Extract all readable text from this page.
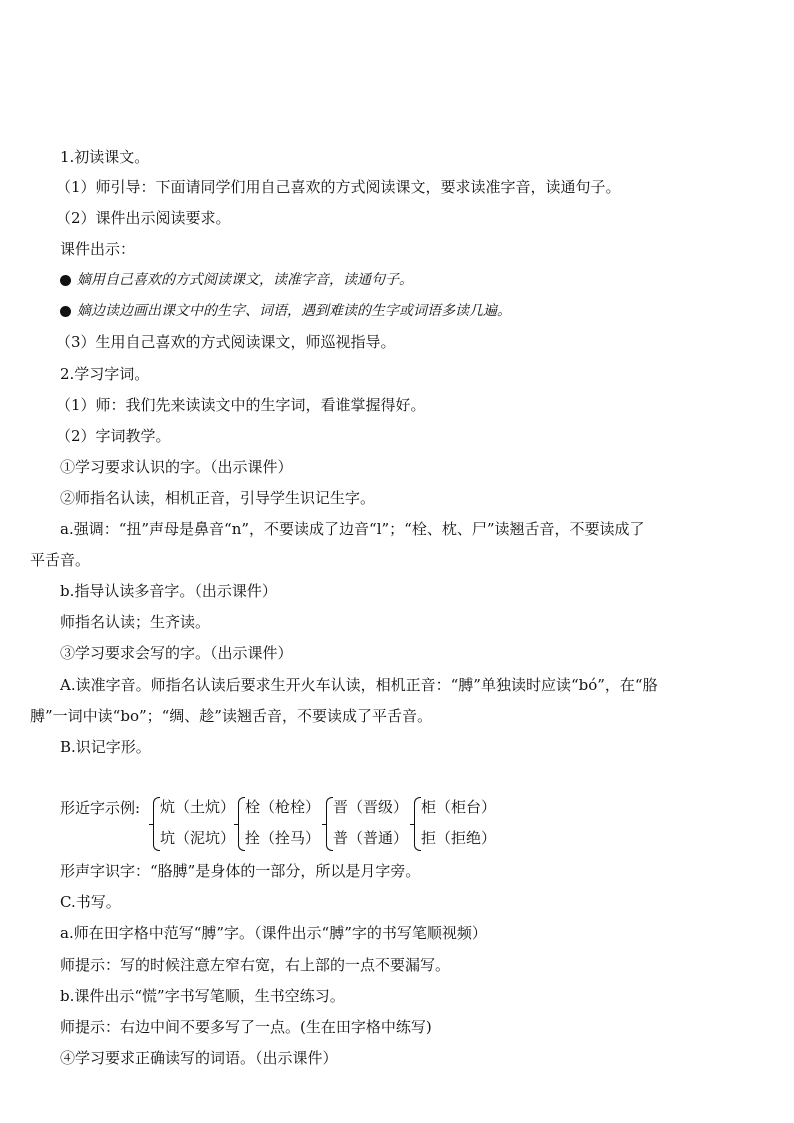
1.初读课文。
（1）师引导：下面请同学们用自己喜欢的方式阅读课文，要求读准字音，读通句子。
（2）课件出示阅读要求。
课件出示：
嫡用自己喜欢的方式阅读课文，读准字音，读通句子。
嫡边读边画出课文中的生字、词语，遇到难读的生字或词语多读几遍。
（3）生用自己喜欢的方式阅读课文，师巡视指导。
2.学习字词。
（1）师：我们先来读读文中的生字词，看谁掌握得好。
（2）字词教学。
①学习要求认识的字。（出示课件）
②师指名认读，相机正音，引导学生识记生字。
a.强调：“扭”声母是鼻音“n”，不要读成了边音“l”；“栓、枕、尸”读翘舌音，不要读成了
平舌音。
b.指导认读多音字。（出示课件）
师指名认读；生齐读。
③学习要求会写的字。（出示课件）
A.读准字音。师指名认读后要求生开火车认读，相机正音：“膊”单独读时应读“bó”，在“胳
膊”一词中读“bo”；“绸、趁”读翘舌音，不要读成了平舌音。
B.识记字形。
形近字示例: 炕（土炕）
坑（泥坑）
栓（枪栓）
拴（拴马）
晋（晋级）
普（普通）
柜（柜台）
拒（拒绝）
形声字识字：“胳膊”是身体的一部分，所以是月字旁。
C.书写。
a.师在田字格中范写“膊”字。（课件出示“膊”字的书写笔顺视频）
师提示：写的时候注意左窄右宽，右上部的一点不要漏写。
b.课件出示“慌”字书写笔顺，生书空练习。
师提示：右边中间不要多写了一点。(生在田字格中练写)
④学习要求正确读写的词语。（出示课件）
